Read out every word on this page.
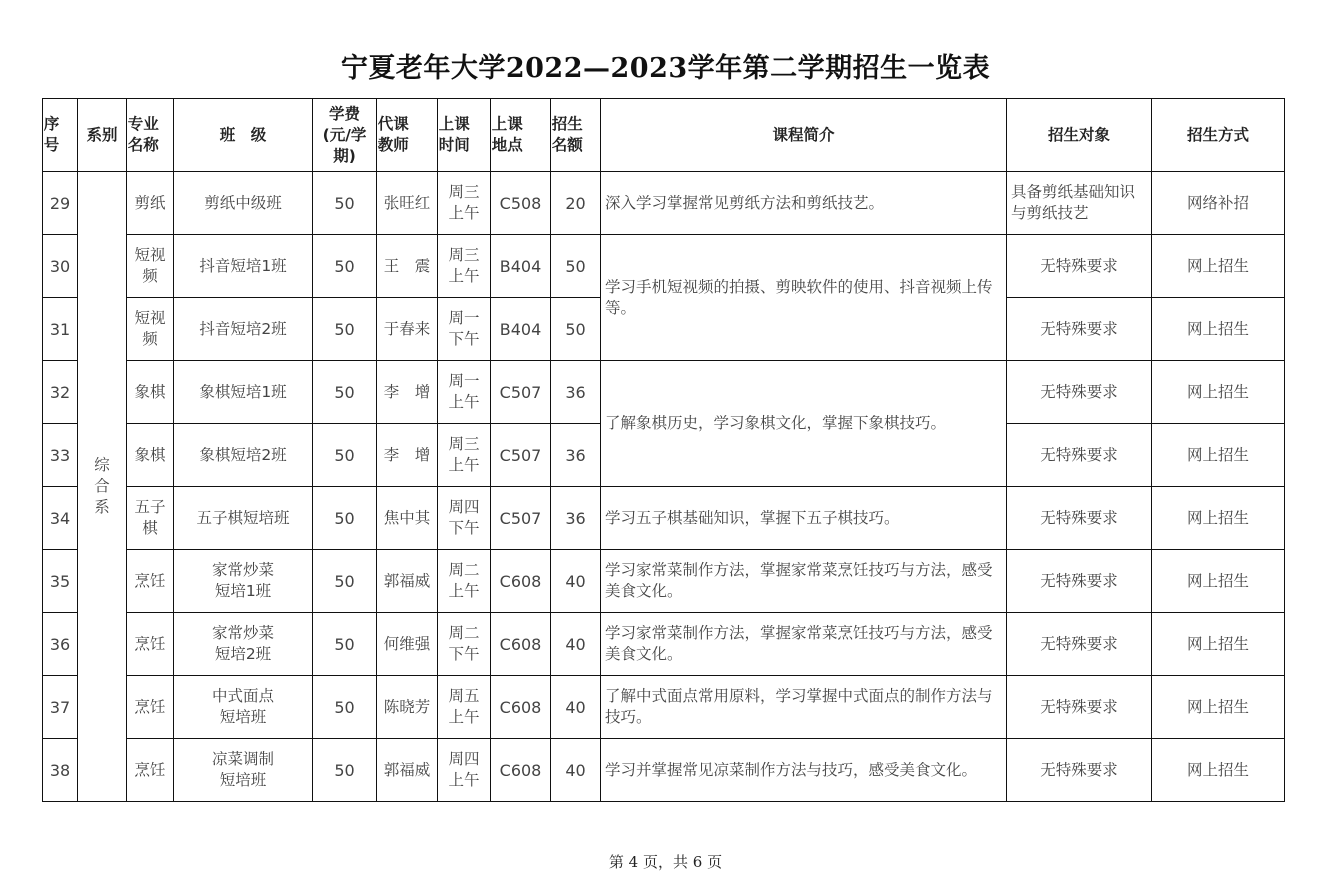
宁夏老年大学2022—2023学年第二学期招生一览表
序号	系别	专业名称	班　级	学费(元/学期)	代课教师	上课时间	上课地点	招生名额	课程简介	招生对象	招生方式
29	综合系	剪纸	剪纸中级班	50	张旺红	周三上午	C508	20	深入学习掌握常见剪纸方法和剪纸技艺。	具备剪纸基础知识与剪纸技艺	网络补招
30		短视频	抖音短培1班	50	王　震	周三上午	B404	50	学习手机短视频的拍摄、剪映软件的使用、抖音视频上传等。	无特殊要求	网上招生
31		短视频	抖音短培2班	50	于春来	周一下午	B404	50		无特殊要求	网上招生
32		象棋	象棋短培1班	50	李　增	周一上午	C507	36	了解象棋历史，学习象棋文化，掌握下象棋技巧。	无特殊要求	网上招生
33		象棋	象棋短培2班	50	李　增	周三上午	C507	36		无特殊要求	网上招生
34		五子棋	五子棋短培班	50	焦中其	周四下午	C507	36	学习五子棋基础知识，掌握下五子棋技巧。	无特殊要求	网上招生
35		烹饪	家常炒菜短培1班	50	郭福威	周二上午	C608	40	学习家常菜制作方法，掌握家常菜烹饪技巧与方法，感受美食文化。	无特殊要求	网上招生
36		烹饪	家常炒菜短培2班	50	何维强	周二下午	C608	40	学习家常菜制作方法，掌握家常菜烹饪技巧与方法，感受美食文化。	无特殊要求	网上招生
37		烹饪	中式面点短培班	50	陈晓芳	周五上午	C608	40	了解中式面点常用原料，学习掌握中式面点的制作方法与技巧。	无特殊要求	网上招生
38		烹饪	凉菜调制短培班	50	郭福威	周四上午	C608	40	学习并掌握常见凉菜制作方法与技巧，感受美食文化。	无特殊要求	网上招生
第 4 页，共 6 页
